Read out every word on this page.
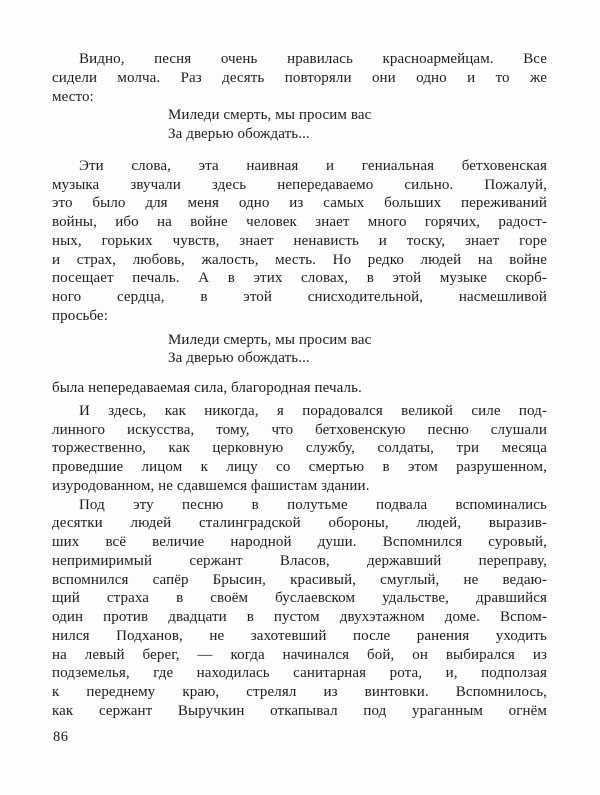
Видно, песня очень нравилась красноармейцам. Все
сидели молча. Раз десять повторяли они одно и то же
место:
Миледи смерть, мы просим вас
За дверью обождать...
Эти слова, эта наивная и гениальная бетховенская
музыка звучали здесь непередаваемо сильно. Пожалуй,
это было для меня одно из самых больших переживаний
войны, ибо на войне человек знает много горячих, радост-
ных, горьких чувств, знает ненависть и тоску, знает горе
и страх, любовь, жалость, месть. Но редко людей на войне
посещает печаль. А в этих словах, в этой музыке скорб-
ного сердца, в этой снисходительной, насмешливой
просьбе:
Миледи смерть, мы просим вас
За дверью обождать...
была непередаваемая сила, благородная печаль.
И здесь, как никогда, я порадовался великой силе под-
линного искусства, тому, что бетховенскую песню слушали
торжественно, как церковную службу, солдаты, три месяца
проведшие лицом к лицу со смертью в этом разрушенном,
изуродованном, не сдавшемся фашистам здании.
Под эту песню в полутьме подвала вспоминались
десятки людей сталинградской обороны, людей, выразив-
ших всё величие народной души. Вспомнился суровый,
непримиримый сержант Власов, державший переправу,
вспомнился сапёр Брысин, красивый, смуглый, не ведаю-
щий страха в своём буслаевском удальстве, дравшийся
один против двадцати в пустом двухэтажном доме. Вспом-
нился Подханов, не захотевший после ранения уходить
на левый берег, — когда начинался бой, он выбирался из
подземелья, где находилась санитарная рота, и, подползая
к переднему краю, стрелял из винтовки. Вспомнилось,
как сержант Выручкин откапывал под ураганным огнём
86
